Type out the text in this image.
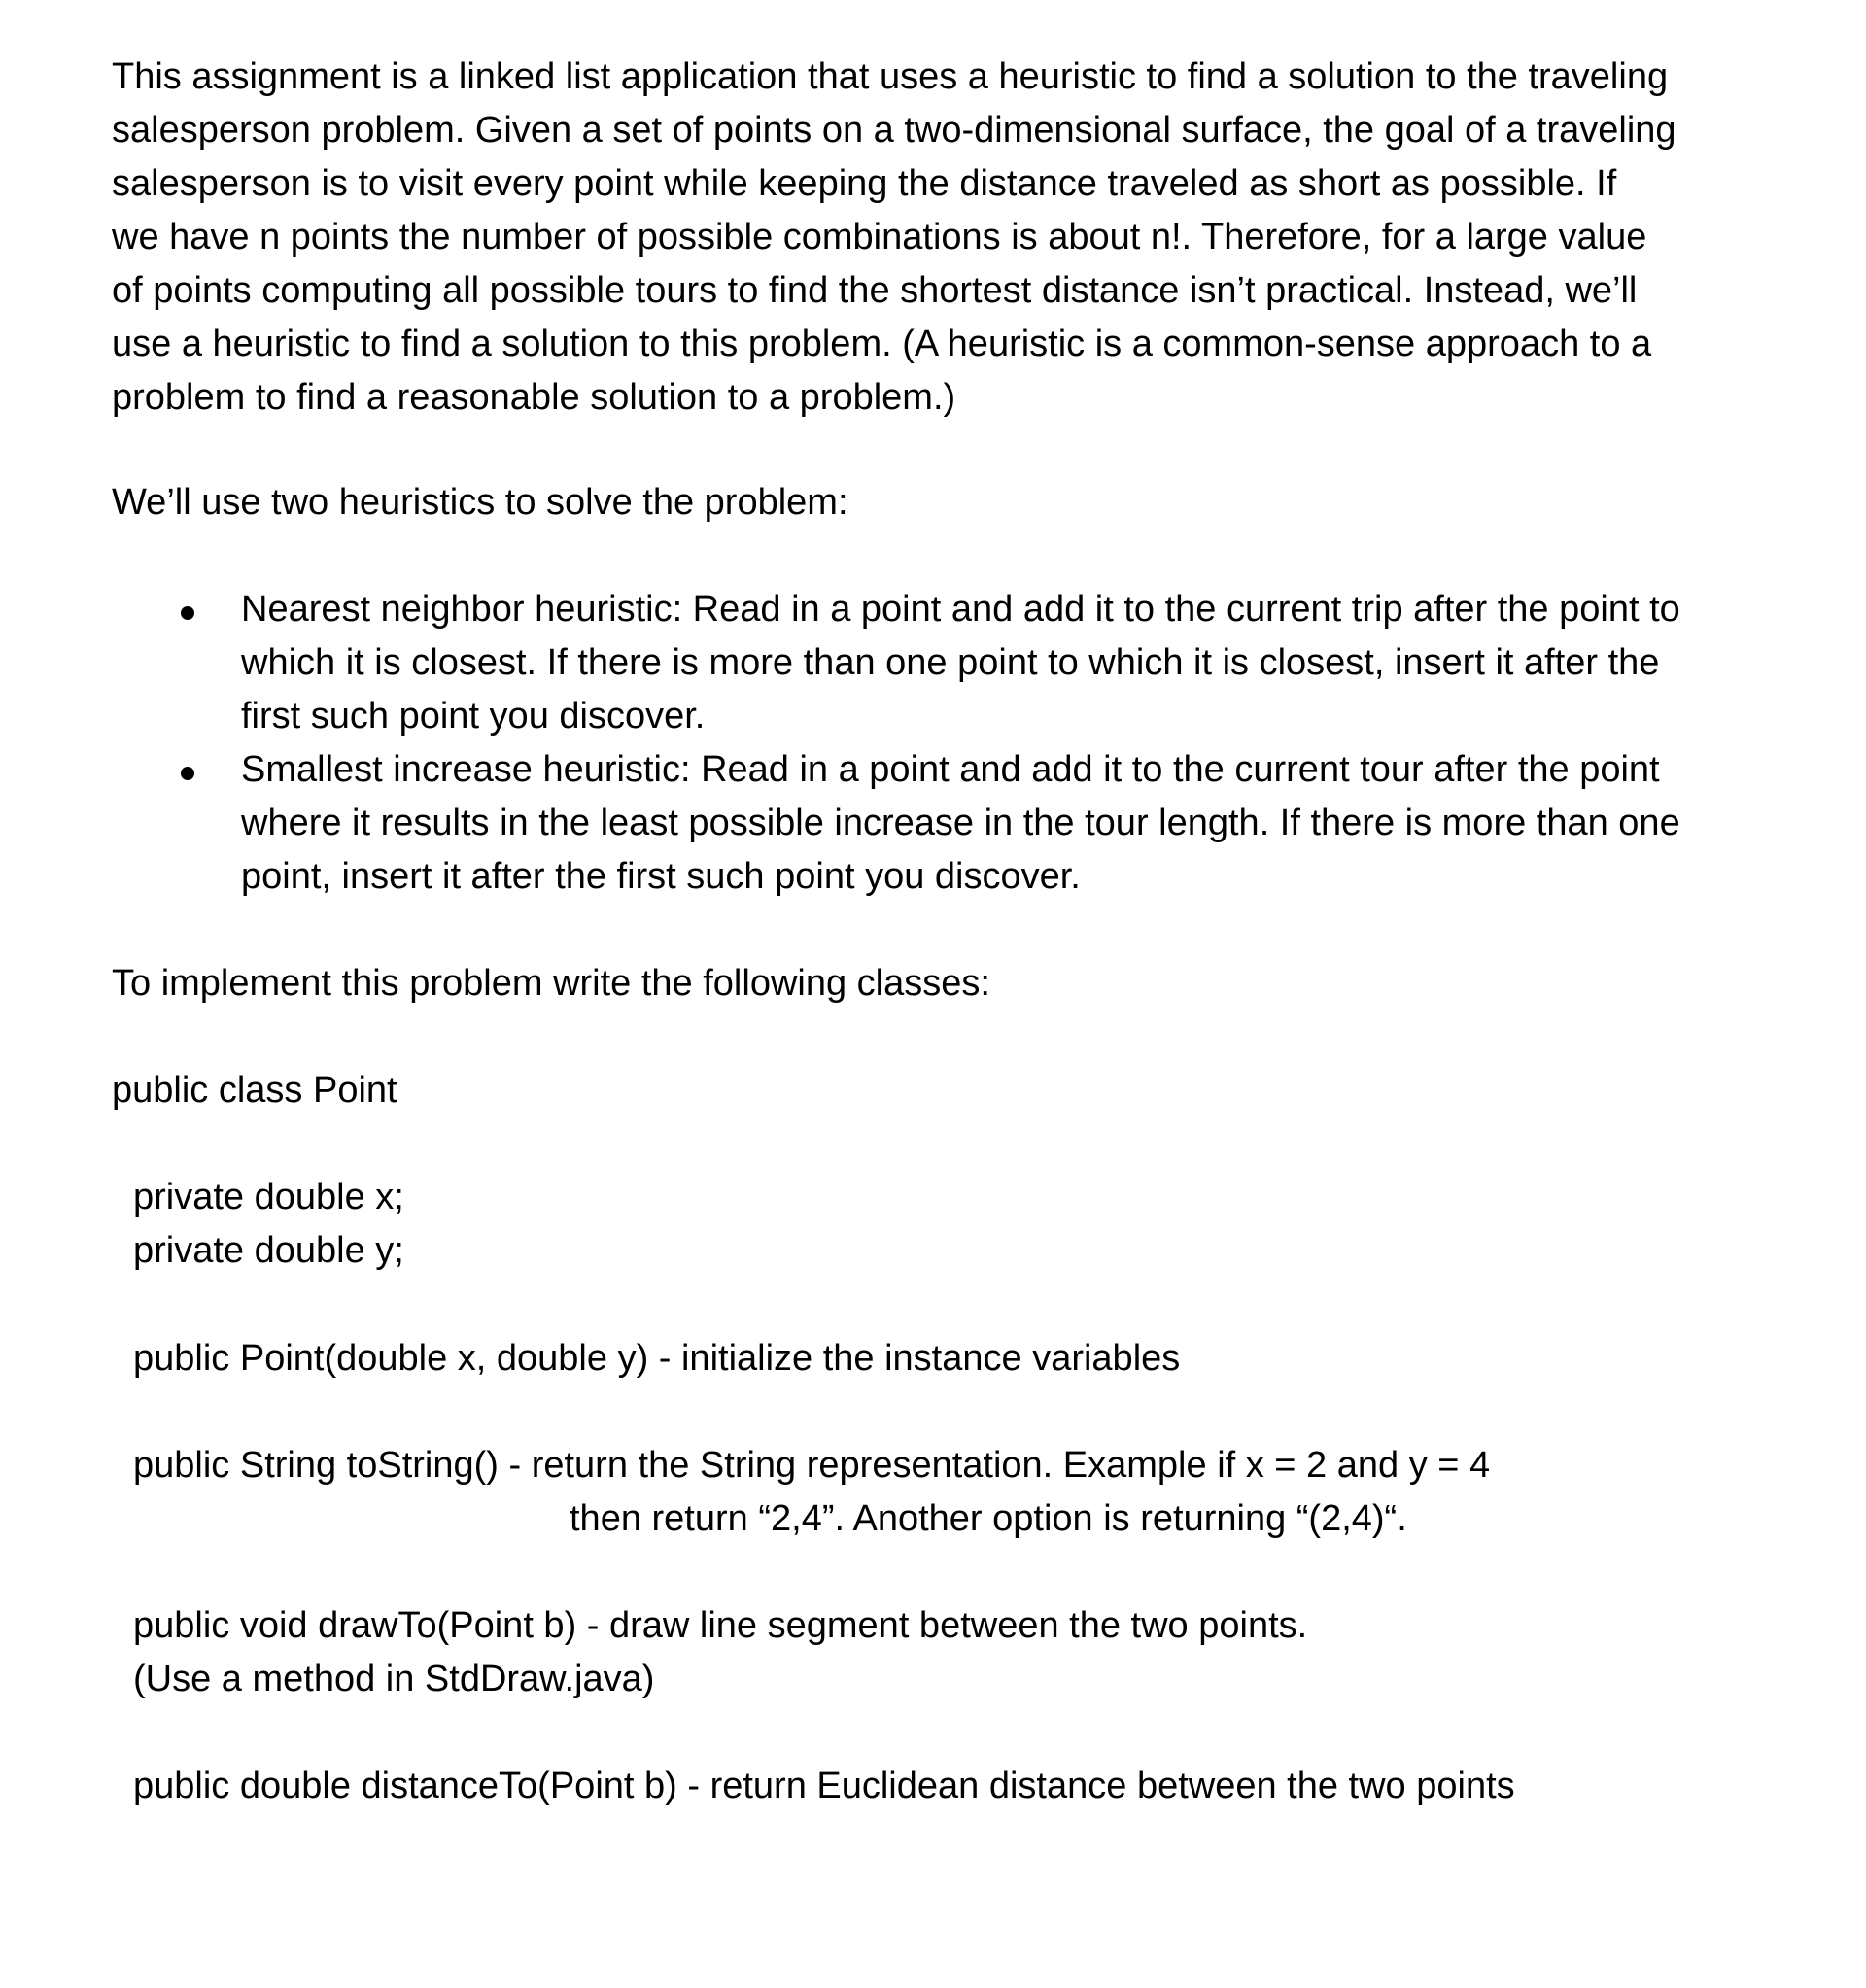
This assignment is a linked list application that uses a heuristic to find a solution to the traveling
salesperson problem. Given a set of points on a two-dimensional surface, the goal of a traveling
salesperson is to visit every point while keeping the distance traveled as short as possible. If
we have n points the number of possible combinations is about n!. Therefore, for a large value
of points computing all possible tours to find the shortest distance isn’t practical. Instead, we’ll
use a heuristic to find a solution to this problem. (A heuristic is a common-sense approach to a
problem to find a reasonable solution to a problem.)

We’ll use two heuristics to solve the problem:

Nearest neighbor heuristic: Read in a point and add it to the current trip after the point to
which it is closest. If there is more than one point to which it is closest, insert it after the
first such point you discover.
Smallest increase heuristic: Read in a point and add it to the current tour after the point
where it results in the least possible increase in the tour length. If there is more than one
point, insert it after the first such point you discover.

To implement this problem write the following classes:

public class Point

private double x;

private double y;

public Point(double x, double y) - initialize the instance variables

public String toString() - return the String representation. Example if x = 2 and y = 4

then return “2,4”. Another option is returning “(2,4)“.

public void drawTo(Point b) - draw line segment between the two points.

(Use a method in StdDraw.java)

public double distanceTo(Point b) - return Euclidean distance between the two points
